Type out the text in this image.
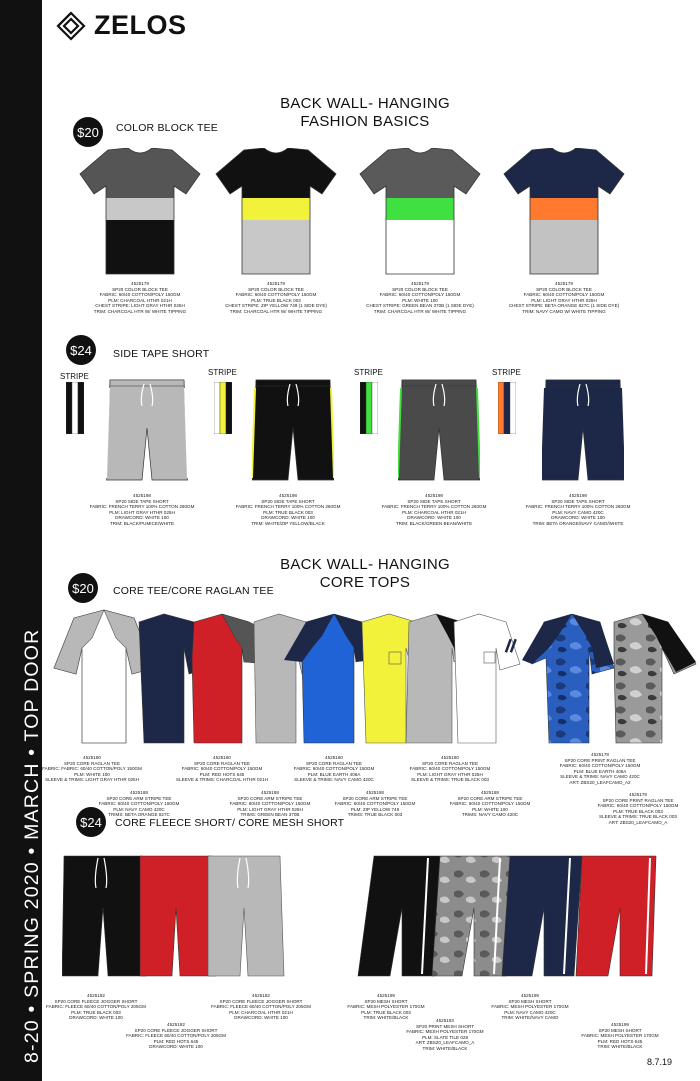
8-20 • SPRING 2020 • MARCH • TOP DOOR
ZELOS
BACK WALL- HANGING
FASHION BASICS
$20	COLOR BLOCK TEE
4525179
SP20 COLOR BLOCK TEE
FABRIC: 60/40 COTTON/POLY 150GM
PLM: CHARCOAL HTHR 021H
CHEST STRIPE: LIGHT GRAY HTHR 025H
TRIM: CHARCOAL HTR W/ WHITE TIPPING
4525179
SP20 COLOR BLOCK TEE
FABRIC: 60/40 COTTON/POLY 150GM
PLM: TRUE BLACK 003
CHEST STRIPE: ZIP YELLOW 749 (1 SIDE DYE)
TRIM: CHARCOAL HTR W/ WHITE TIPPING
4525179
SP20 COLOR BLOCK TEE
FABRIC: 60/40 COTTON/POLY 150GM
PLM: WHITE 100
CHEST STRIPE: GREEN BEAN 370B (1 SIDE DYE)
TRIM: CHARCOAL HTR W/ WHITE TIPPING
4525179
SP20 COLOR BLOCK TEE
FABRIC: 60/40 COTTON/POLY 150GM
PLM: LIGHT GRAY HTHR 025H
CHEST STRIPE: BETA ORANGE 827C (1 SIDE DYE)
TRIM: NAVY CAMO W/ WHITE TIPPING
$24	SIDE TAPE SHORT
STRIPE
4525198
SP20 SIDE TAPE SHORT
FABRIC: FRENCH TERRY 100% COTTON 260GM
PLM: LIGHT GRAY HTHR 025H
DRAWCORD: WHITE 100
TRIM: BLACK/PUMICE/WHITE
STRIPE
4525198
SP20 SIDE TAPE SHORT
FABRIC: FRENCH TERRY 100% COTTON 260GM
PLM: TRUE BLACK 003
DRAWCORD: WHITE 100
TRIM: WHITE/ZIP YELLOW/BLACK
STRIPE
4525198
SP20 SIDE TAPE SHORT
FABRIC: FRENCH TERRY 100% COTTON 260GM
PLM: CHARCOAL HTHR 021H
DRAWCORD: WHITE 100
TRIM: BLACK/GREEN BEAN/WHITE
STRIPE
4525198
SP20 SIDE TAPE SHORT
FABRIC: FRENCH TERRY 100% COTTON 260GM
PLM: NAVY CAMO 420C
DRAWCORD: WHITE 100
TRIM: BETA ORANGE/NAVY CAMO/WHITE
BACK WALL- HANGING
CORE TOPS
$20	CORE TEE/CORE RAGLAN TEE
4525180
SP20 CORE RAGLAN TEE
FABRIC: FABRIC: 60/40 COTTON/POLY 150GM
PLM: WHITE 100
SLEEVE & TRIMS: LIGHT GRAY HTHR 025H
4525188
SP20 CORE ARM STRIPE TEE
FABRIC: 60/40 COTTON/POLY 150GM
PLM: NAVY CAMO 420C
TRIMS: BETA ORANGE 827C
4525180
SP20 CORE RAGLAN TEE
FABRIC: 60/40 COTTON/POLY 150GM
PLM: RED HOTS 645
SLEEVE & TRIMS: CHARCOAL HTHR 021H
4525188
SP20 CORE ARM STRIPE TEE
FABRIC: 60/40 COTTON/POLY 150GM
PLM: LIGHT GRAY HTHR 025H
TRIMS: GREEN BEAN 370B
4525180
SP20 CORE RAGLAN TEE
FABRIC: 60/40 COTTON/POLY 150GM
PLM: BLUE EARTH 406A
SLEEVE & TRIMS: NAVY CAMO 420C
4525188
SP20 CORE ARM STRIPE TEE
FABRIC: 60/40 COTTON/POLY 150GM
PLM: ZIP YELLOW 749
TRIMS: TRUE BLACK 003
4525180
SP20 CORE RAGLAN TEE
FABRIC: 60/40 COTTON/POLY 150GM
PLM: LIGHT GRAY HTHR 025H
SLEEVE & TRIMS: TRUE BLACK 003
4525188
SP20 CORE ARM STRIPE TEE
FABRIC: 60/40 COTTON/POLY 150GM
PLM: WHITE 100
TRIMS: NAVY CAMO 420C
4525178
SP20 CORE PRINT RAGLAN TEE
FABRIC: 60/40 COTTON/POLY 150GM
PLM: BLUE EARTH 406A
SLEEVE & TRIMS: NAVY CAMO 420C
ART: ZBS20_LEAFCAMO_A2
4525178
SP20 CORE PRINT RAGLAN TEE
FABRIC: 60/40 COTTON/POLY 150GM
PLM: TRUE BLACK 003
SLEEVE & TRIMS: TRUE BLACK 003
ART: ZBS20_LEAFCAMO_A
$24	CORE FLEECE SHORT/ CORE MESH SHORT
4525182
SP20 CORE FLEECE JOGGER SHORT
FABRIC: FLEECE 60/40 COTTON/POLY 205GM
PLM: TRUE BLACK 003
DRAWCORD: WHITE 100
4525182
SP20 CORE FLEECE JOGGER SHORT
FABRIC: FLEECE 60/40 COTTON/POLY 205GM
PLM: CHARCOAL HTHR 021H
DRAWCORD: WHITE 100
4525182
SP20 CORE FLEECE JOGGER SHORT
FABRIC: FLEECE 60/40 COTTON/POLY 205GM
PLM: RED HOTS 645
DRAWCORD: WHITE 100
4525199
SP20 MESH SHORT
FABRIC: MESH POLYESTER 170GM
PLM: TRUE BLACK 003
TRIM: WHITE/BLACK
4525183
SP20 PRINT MESH SHORT
FABRIC: MESH POLYESTER 170GM
PLM: SLATE TILE 028
ART: ZBS20_LEAFCAMO_A
TRIM: WHITE/BLACK
4525199
SP20 MESH SHORT
FABRIC: MESH POLYESTER 170GM
PLM: NAVY CAMO 420C
TRIM: WHITE/NAVY CAMO
4525199
SP20 MESH SHORT
FABRIC: MESH POLYESTER 170GM
PLM: RED HOTS 645
TRIM: WHITE/BLACK
8.7.19
